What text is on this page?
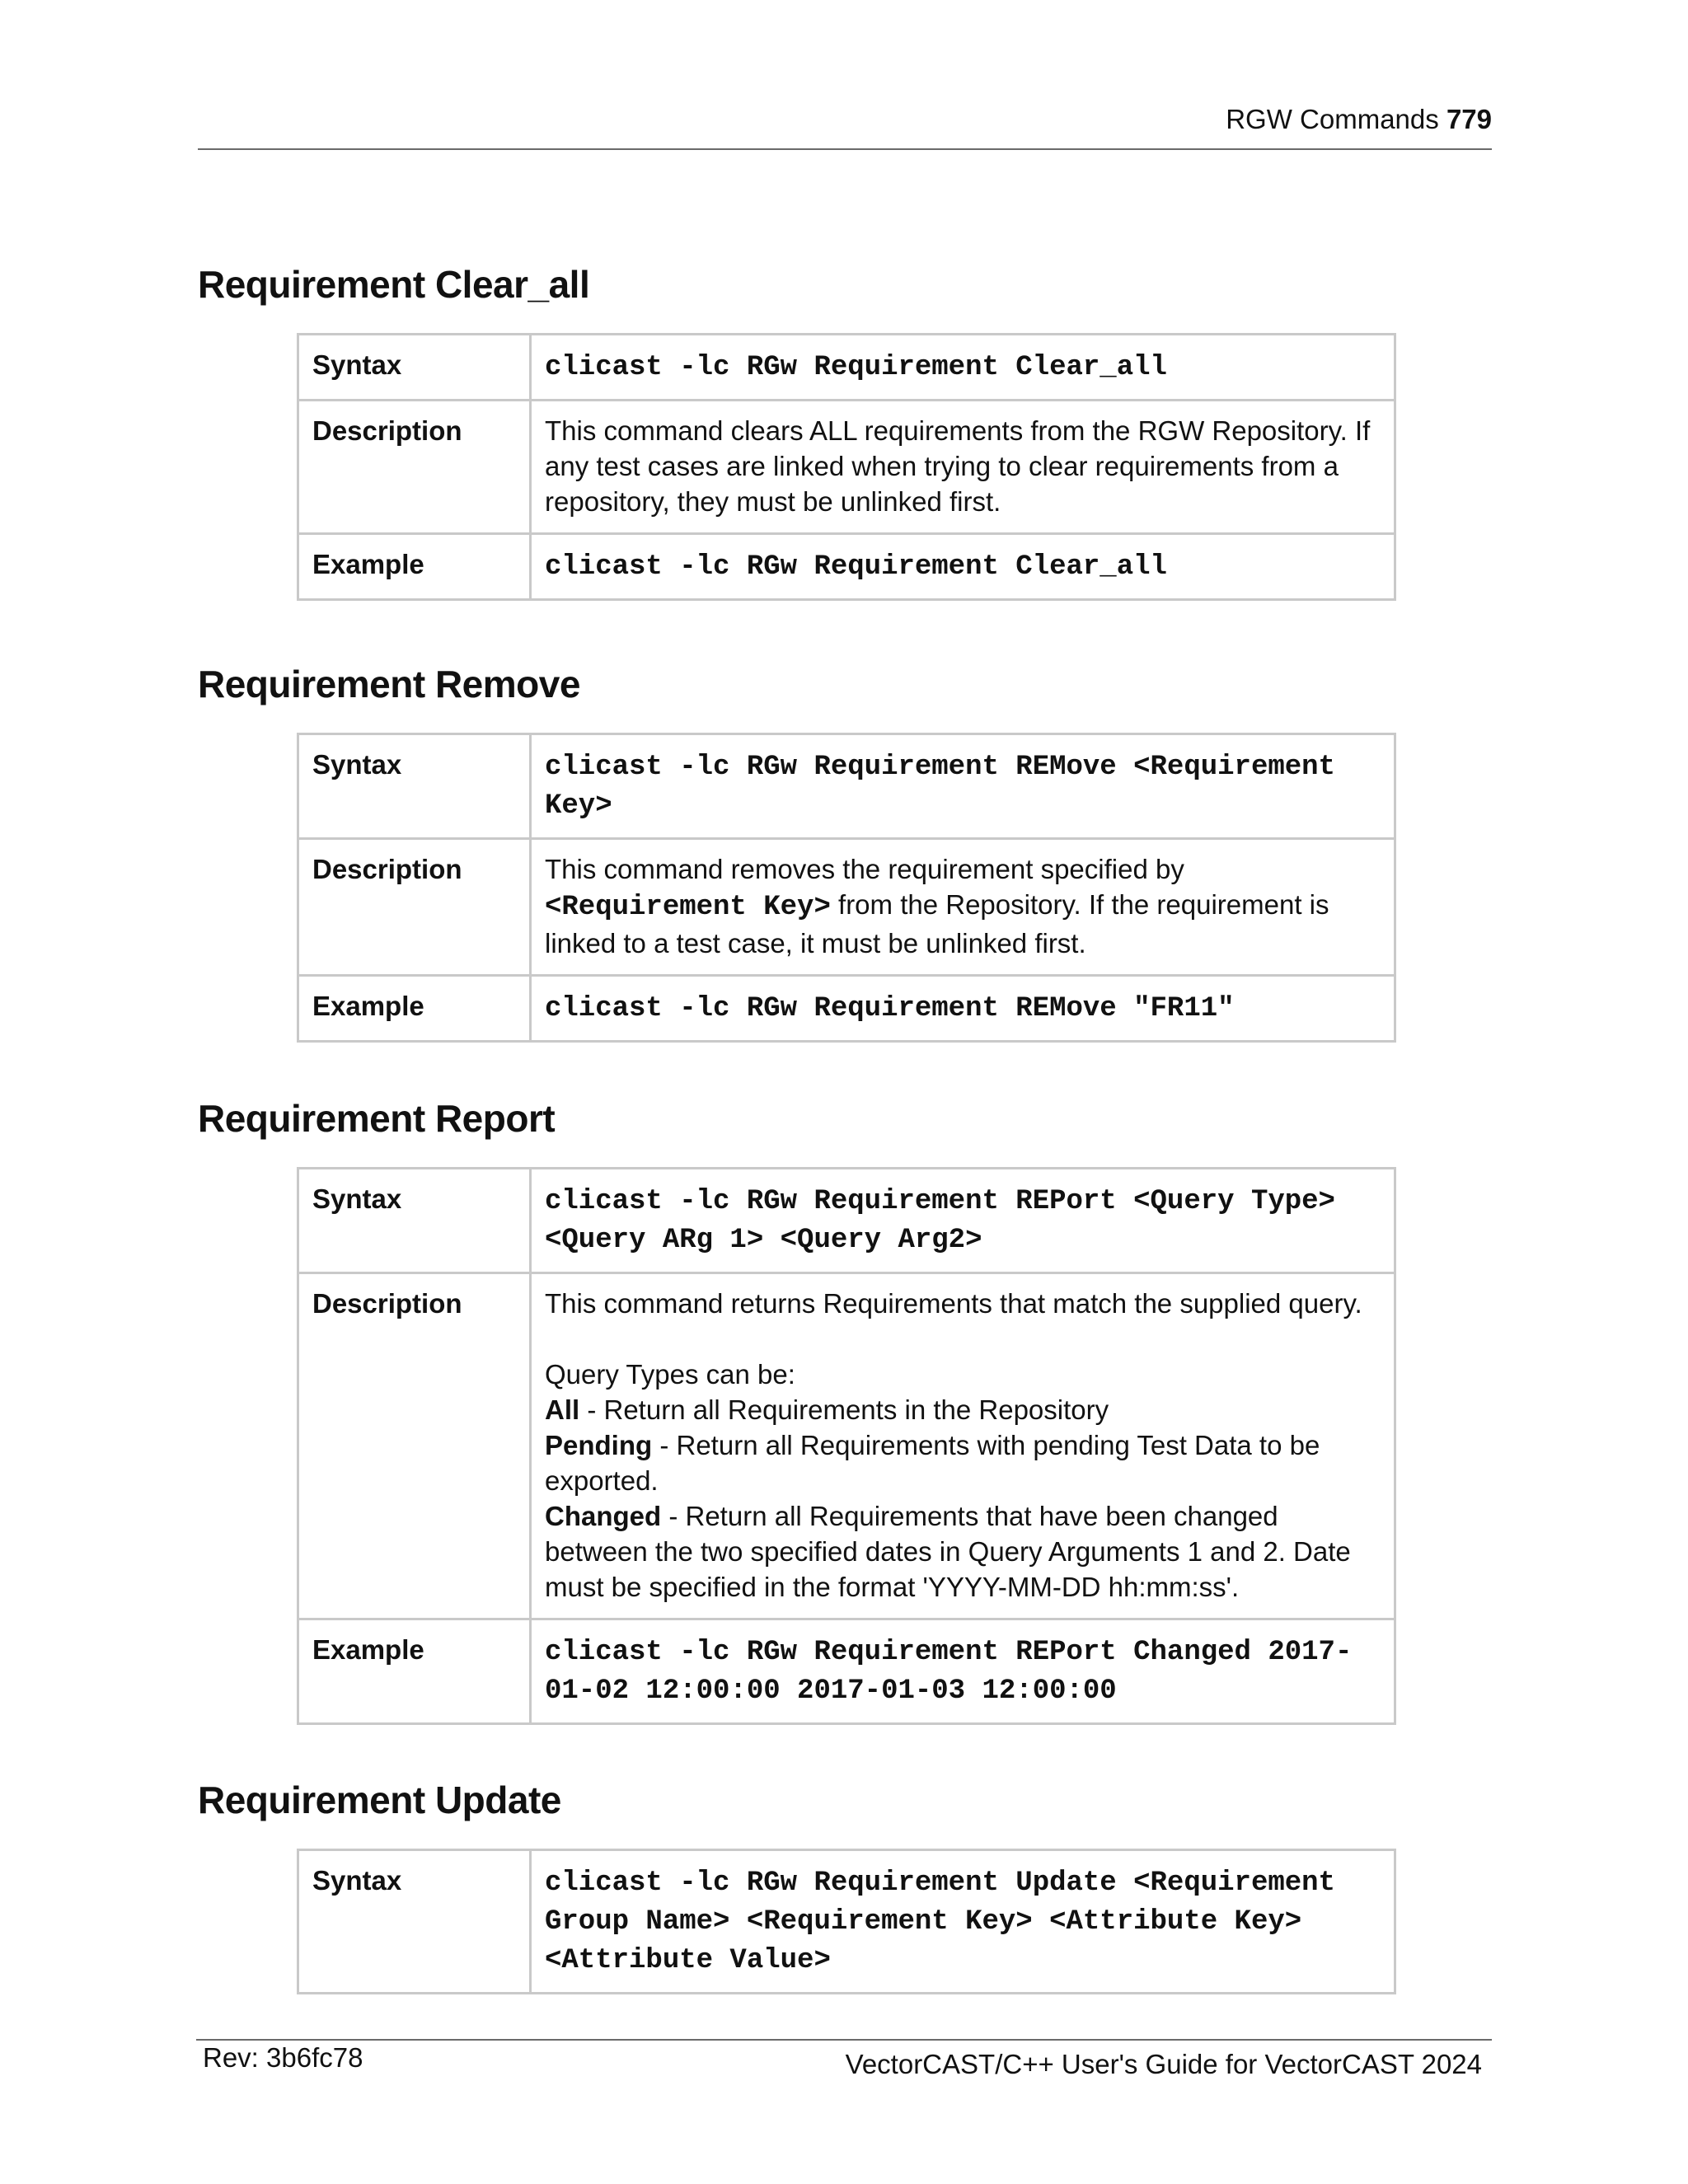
RGW Commands 779
Requirement Clear_all
Syntax	clicast -lc RGw Requirement Clear_all
Description	This command clears ALL requirements from the RGW Repository. If any test cases are linked when trying to clear requirements from a repository, they must be unlinked first.
Example	clicast -lc RGw Requirement Clear_all
Requirement Remove
Syntax	clicast -lc RGw Requirement REMove <Requirement Key>
Description	This command removes the requirement specified by <Requirement Key> from the Repository. If the requirement is linked to a test case, it must be unlinked first.
Example	clicast -lc RGw Requirement REMove "FR11"
Requirement Report
Syntax	clicast -lc RGw Requirement REPort <Query Type> <Query ARg 1> <Query Arg2>
Description	This command returns Requirements that match the supplied query.
Query Types can be:
All - Return all Requirements in the Repository
Pending - Return all Requirements with pending Test Data to be exported.
Changed - Return all Requirements that have been changed between the two specified dates in Query Arguments 1 and 2. Date must be specified in the format 'YYYY-MM-DD hh:mm:ss'.

Example	clicast -lc RGw Requirement REPort Changed 2017-01-02 12:00:00 2017-01-03 12:00:00
Requirement Update
Syntax	clicast -lc RGw Requirement Update <Requirement Group Name> <Requirement Key> <Attribute Key> <Attribute Value>
Rev: 3b6fc78	VectorCAST/C++ User's Guide for VectorCAST 2024
